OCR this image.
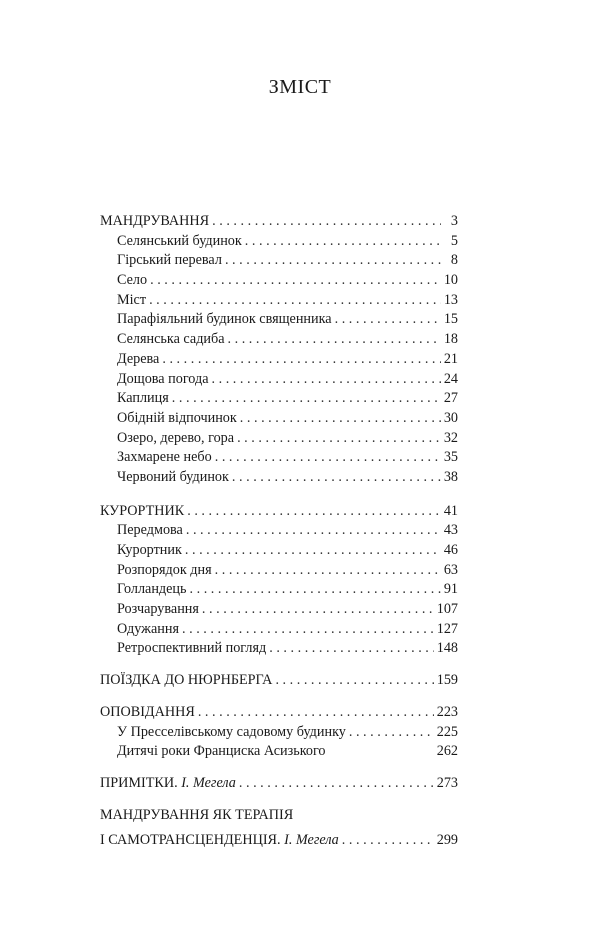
ЗМІСТ
МАНДРУВАННЯ . . .	3
Селянський будинок . . .	5
Гірський перевал . . .	8
Село . . .	10
Міст . . .	13
Парафіяльний будинок священника . . .	15
Селянська садиба . . .	18
Дерева . . .	21
Дощова погода . . .	24
Каплиця . . .	27
Обідній відпочинок . . .	30
Озеро, дерево, гора . . .	32
Захмарене небо . . .	35
Червоний будинок . . .	38
КУРОРТНИК . . .	41
Передмова . . .	43
Курортник . . .	46
Розпорядок дня . . .	63
Голландець . . .	91
Розчарування . . .	107
Одужання . . .	127
Ретроспективний погляд . . .	148
ПОЇЗДКА ДО НЮРНБЕРГА . . .	159
ОПОВІДАННЯ . . .	223
У Пресселівському садовому будинку . . .	225
Дитячі роки Франциска Асизького	262
ПРИМІТКИ. І. Мегела . . .	273
МАНДРУВАННЯ ЯК ТЕРАПІЯ
І САМОТРАНСЦЕНДЕНЦІЯ. І. Мегела . . .	299
